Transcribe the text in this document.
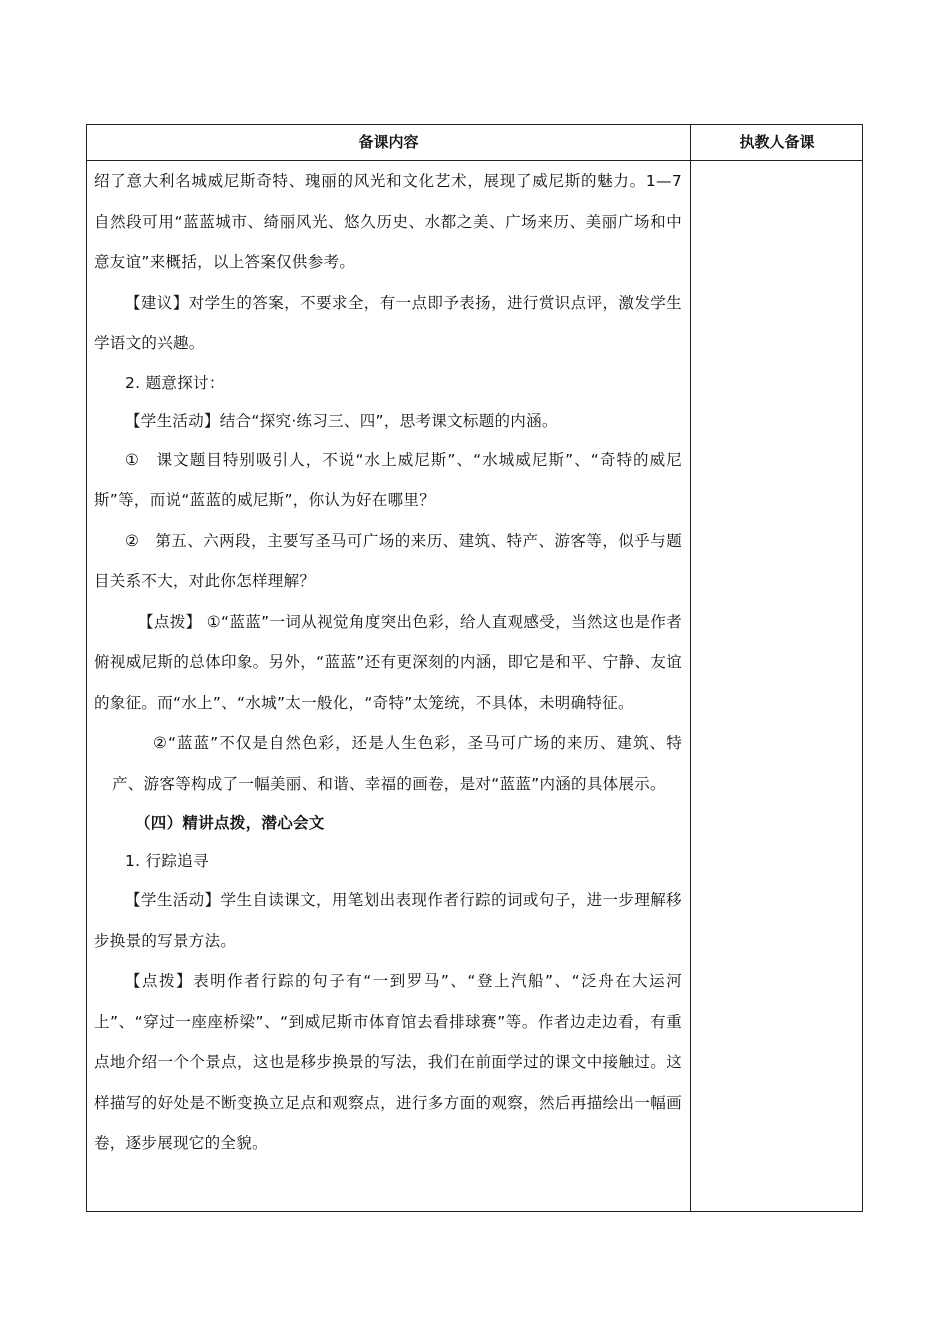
备课内容	执教人备课

绍了意大利名城威尼斯奇特、瑰丽的风光和文化艺术，展现了威尼斯的魅力。1—7自然段可用“蓝蓝城市、绮丽风光、悠久历史、水都之美、广场来历、美丽广场和中意友谊”来概括，以上答案仅供参考。

【建议】对学生的答案，不要求全，有一点即予表扬，进行赏识点评，激发学生学语文的兴趣。

2. 题意探讨：

【学生活动】结合“探究·练习三、四”，思考课文标题的内涵。

①　课文题目特别吸引人，不说“水上威尼斯”、“水城威尼斯”、“奇特的威尼斯”等，而说“蓝蓝的威尼斯”，你认为好在哪里？

②　第五、六两段，主要写圣马可广场的来历、建筑、特产、游客等，似乎与题目关系不大，对此你怎样理解？

【点拨】 ①“蓝蓝”一词从视觉角度突出色彩，给人直观感受，当然这也是作者俯视威尼斯的总体印象。另外，“蓝蓝”还有更深刻的内涵，即它是和平、宁静、友谊的象征。而“水上”、“水城”太一般化，“奇特”太笼统，不具体，未明确特征。

②“蓝蓝”不仅是自然色彩，还是人生色彩，圣马可广场的来历、建筑、特产、游客等构成了一幅美丽、和谐、幸福的画卷，是对“蓝蓝”内涵的具体展示。

（四）精讲点拨，潜心会文

1. 行踪追寻

【学生活动】学生自读课文，用笔划出表现作者行踪的词或句子，进一步理解移步换景的写景方法。

【点拨】表明作者行踪的句子有“一到罗马”、“登上汽船”、“泛舟在大运河上”、“穿过一座座桥梁”、“到威尼斯市体育馆去看排球赛”等。作者边走边看，有重点地介绍一个个景点，这也是移步换景的写法，我们在前面学过的课文中接触过。这样描写的好处是不断变换立足点和观察点，进行多方面的观察，然后再描绘出一幅画卷，逐步展现它的全貌。
